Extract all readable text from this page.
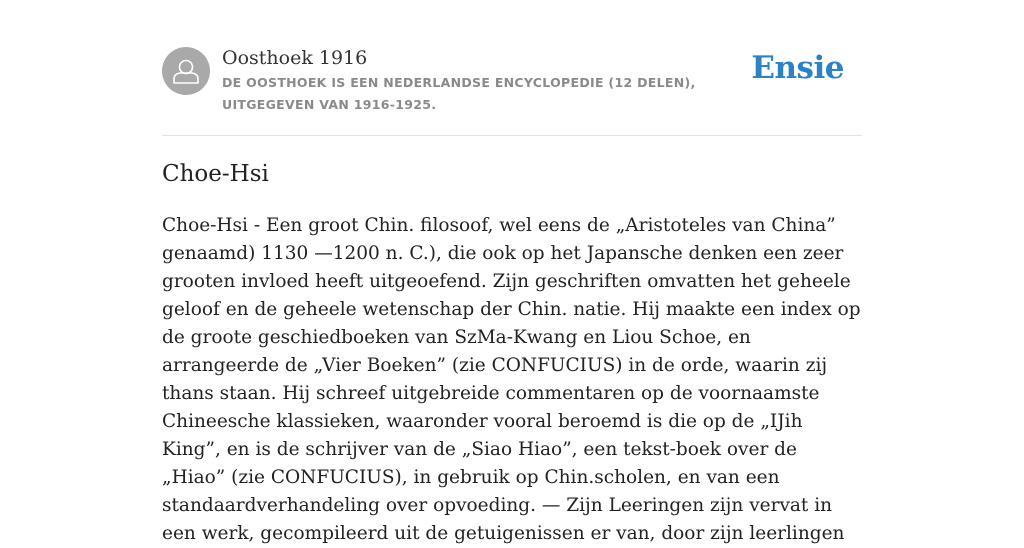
Oosthoek 1916
DE OOSTHOEK IS EEN NEDERLANDSE ENCYCLOPEDIE (12 DELEN), UITGEGEVEN VAN 1916-1925.
Ensie
Choe-Hsi

Choe-Hsi - Een groot Chin. filosoof, wel eens de „Aristoteles van China” genaamd) 1130 —1200 n. C.), die ook op het Japansche denken een zeer grooten invloed heeft uitgeoefend. Zijn geschriften omvatten het geheele geloof en de geheele wetenschap der Chin. natie. Hij maakte een index op de groote geschiedboeken van SzMa-Kwang en Liou Schoe, en arrangeerde de „Vier Boeken” (zie CONFUCIUS) in de orde, waarin zij thans staan. Hij schreef uitgebreide commentaren op de voornaamste Chineesche klassieken, waaronder vooral beroemd is die op de „IJih King”, en is de schrijver van de „Siao Hiao”, een tekst-boek over de „Hiao” (zie CONFUCIUS), in gebruik op Chin.scholen, en van een standaardverhandeling over opvoeding. — Zijn Leeringen zijn vervat in een werk, gecompileerd uit de getuigenissen er van, door zijn leerlingen
